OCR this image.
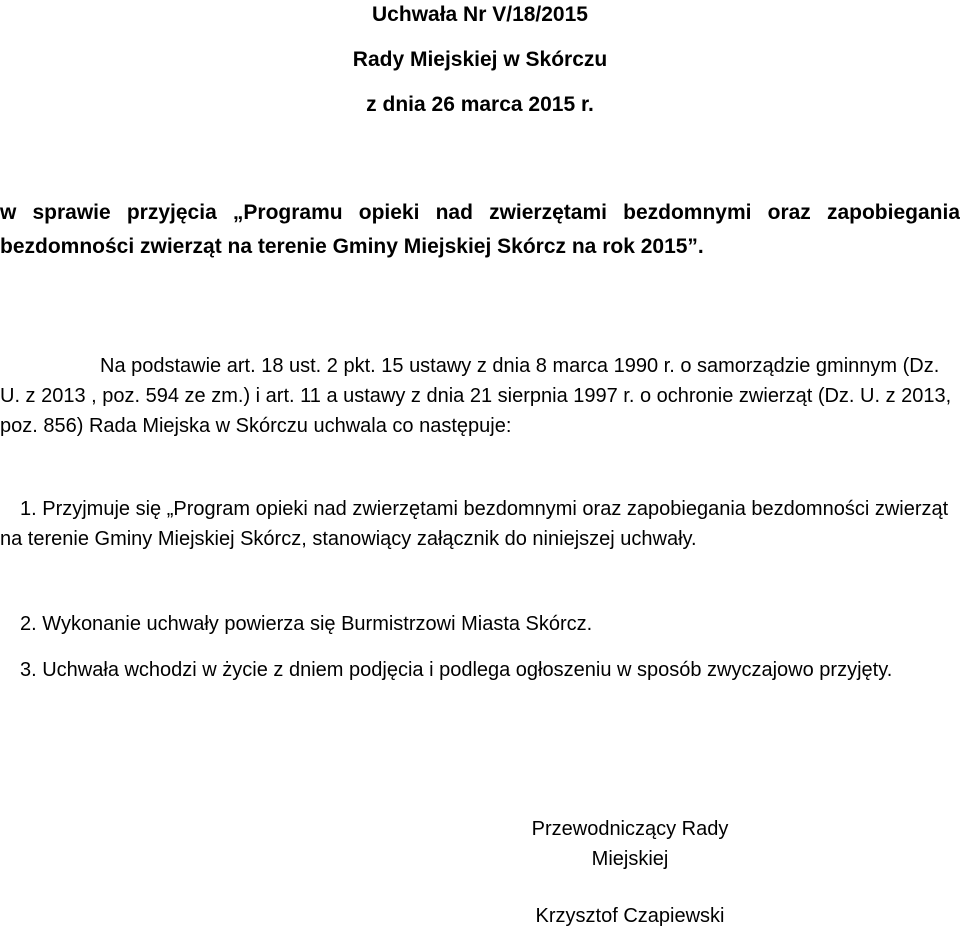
Uchwała Nr V/18/2015
Rady Miejskiej w Skórczu
z dnia 26 marca 2015 r.

w sprawie przyjęcia „Programu opieki nad zwierzętami bezdomnymi oraz zapobiegania bezdomności zwierząt na terenie Gminy Miejskiej Skórcz na rok 2015”.

Na podstawie art. 18 ust. 2 pkt. 15 ustawy z dnia 8 marca 1990 r. o samorządzie gminnym (Dz. U. z 2013 , poz. 594 ze zm.) i art. 11 a ustawy z dnia 21 sierpnia 1997 r. o ochronie zwierząt (Dz. U. z 2013, poz. 856) Rada Miejska w Skórczu uchwala co następuje:

1. Przyjmuje się „Program opieki nad zwierzętami bezdomnymi oraz zapobiegania bezdomności zwierząt na terenie Gminy Miejskiej Skórcz, stanowiący załącznik do niniejszej uchwały.

2. Wykonanie uchwały powierza się Burmistrzowi Miasta Skórcz.

3. Uchwała wchodzi w życie z dniem podjęcia i podlega ogłoszeniu w sposób zwyczajowo przyjęty.

Przewodniczący Rady

Miejskiej

Krzysztof Czapiewski
